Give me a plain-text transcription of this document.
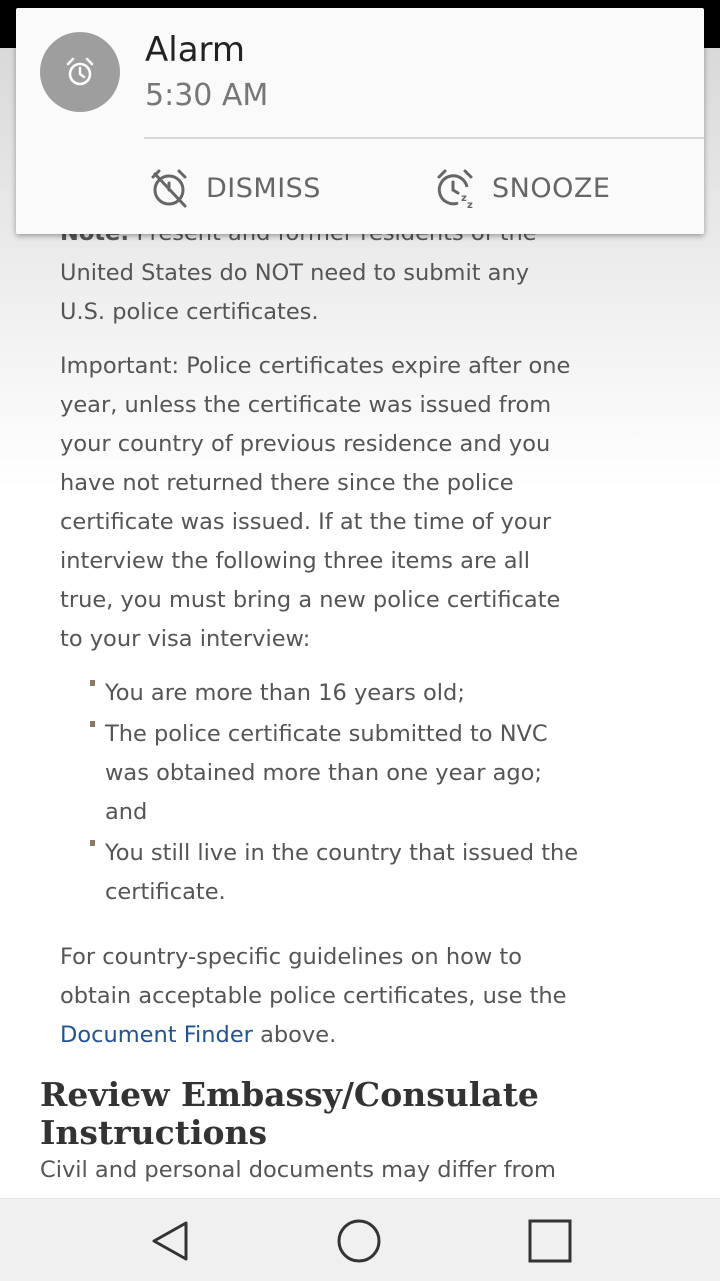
United States do NOT need to submit any U.S. police certificates.

Important: Police certificates expire after one year, unless the certificate was issued from your country of previous residence and you have not returned there since the police certificate was issued. If at the time of your interview the following three items are all true, you must bring a new police certificate to your visa interview:

You are more than 16 years old;
The police certificate submitted to NVC was obtained more than one year ago; and
You still live in the country that issued the certificate.

For country-specific guidelines on how to obtain acceptable police certificates, use the Document Finder above.

Review Embassy/Consulate Instructions

Civil and personal documents may differ from

Alarm
5:30 AM
DISMISS	z
z
SNOOZE
